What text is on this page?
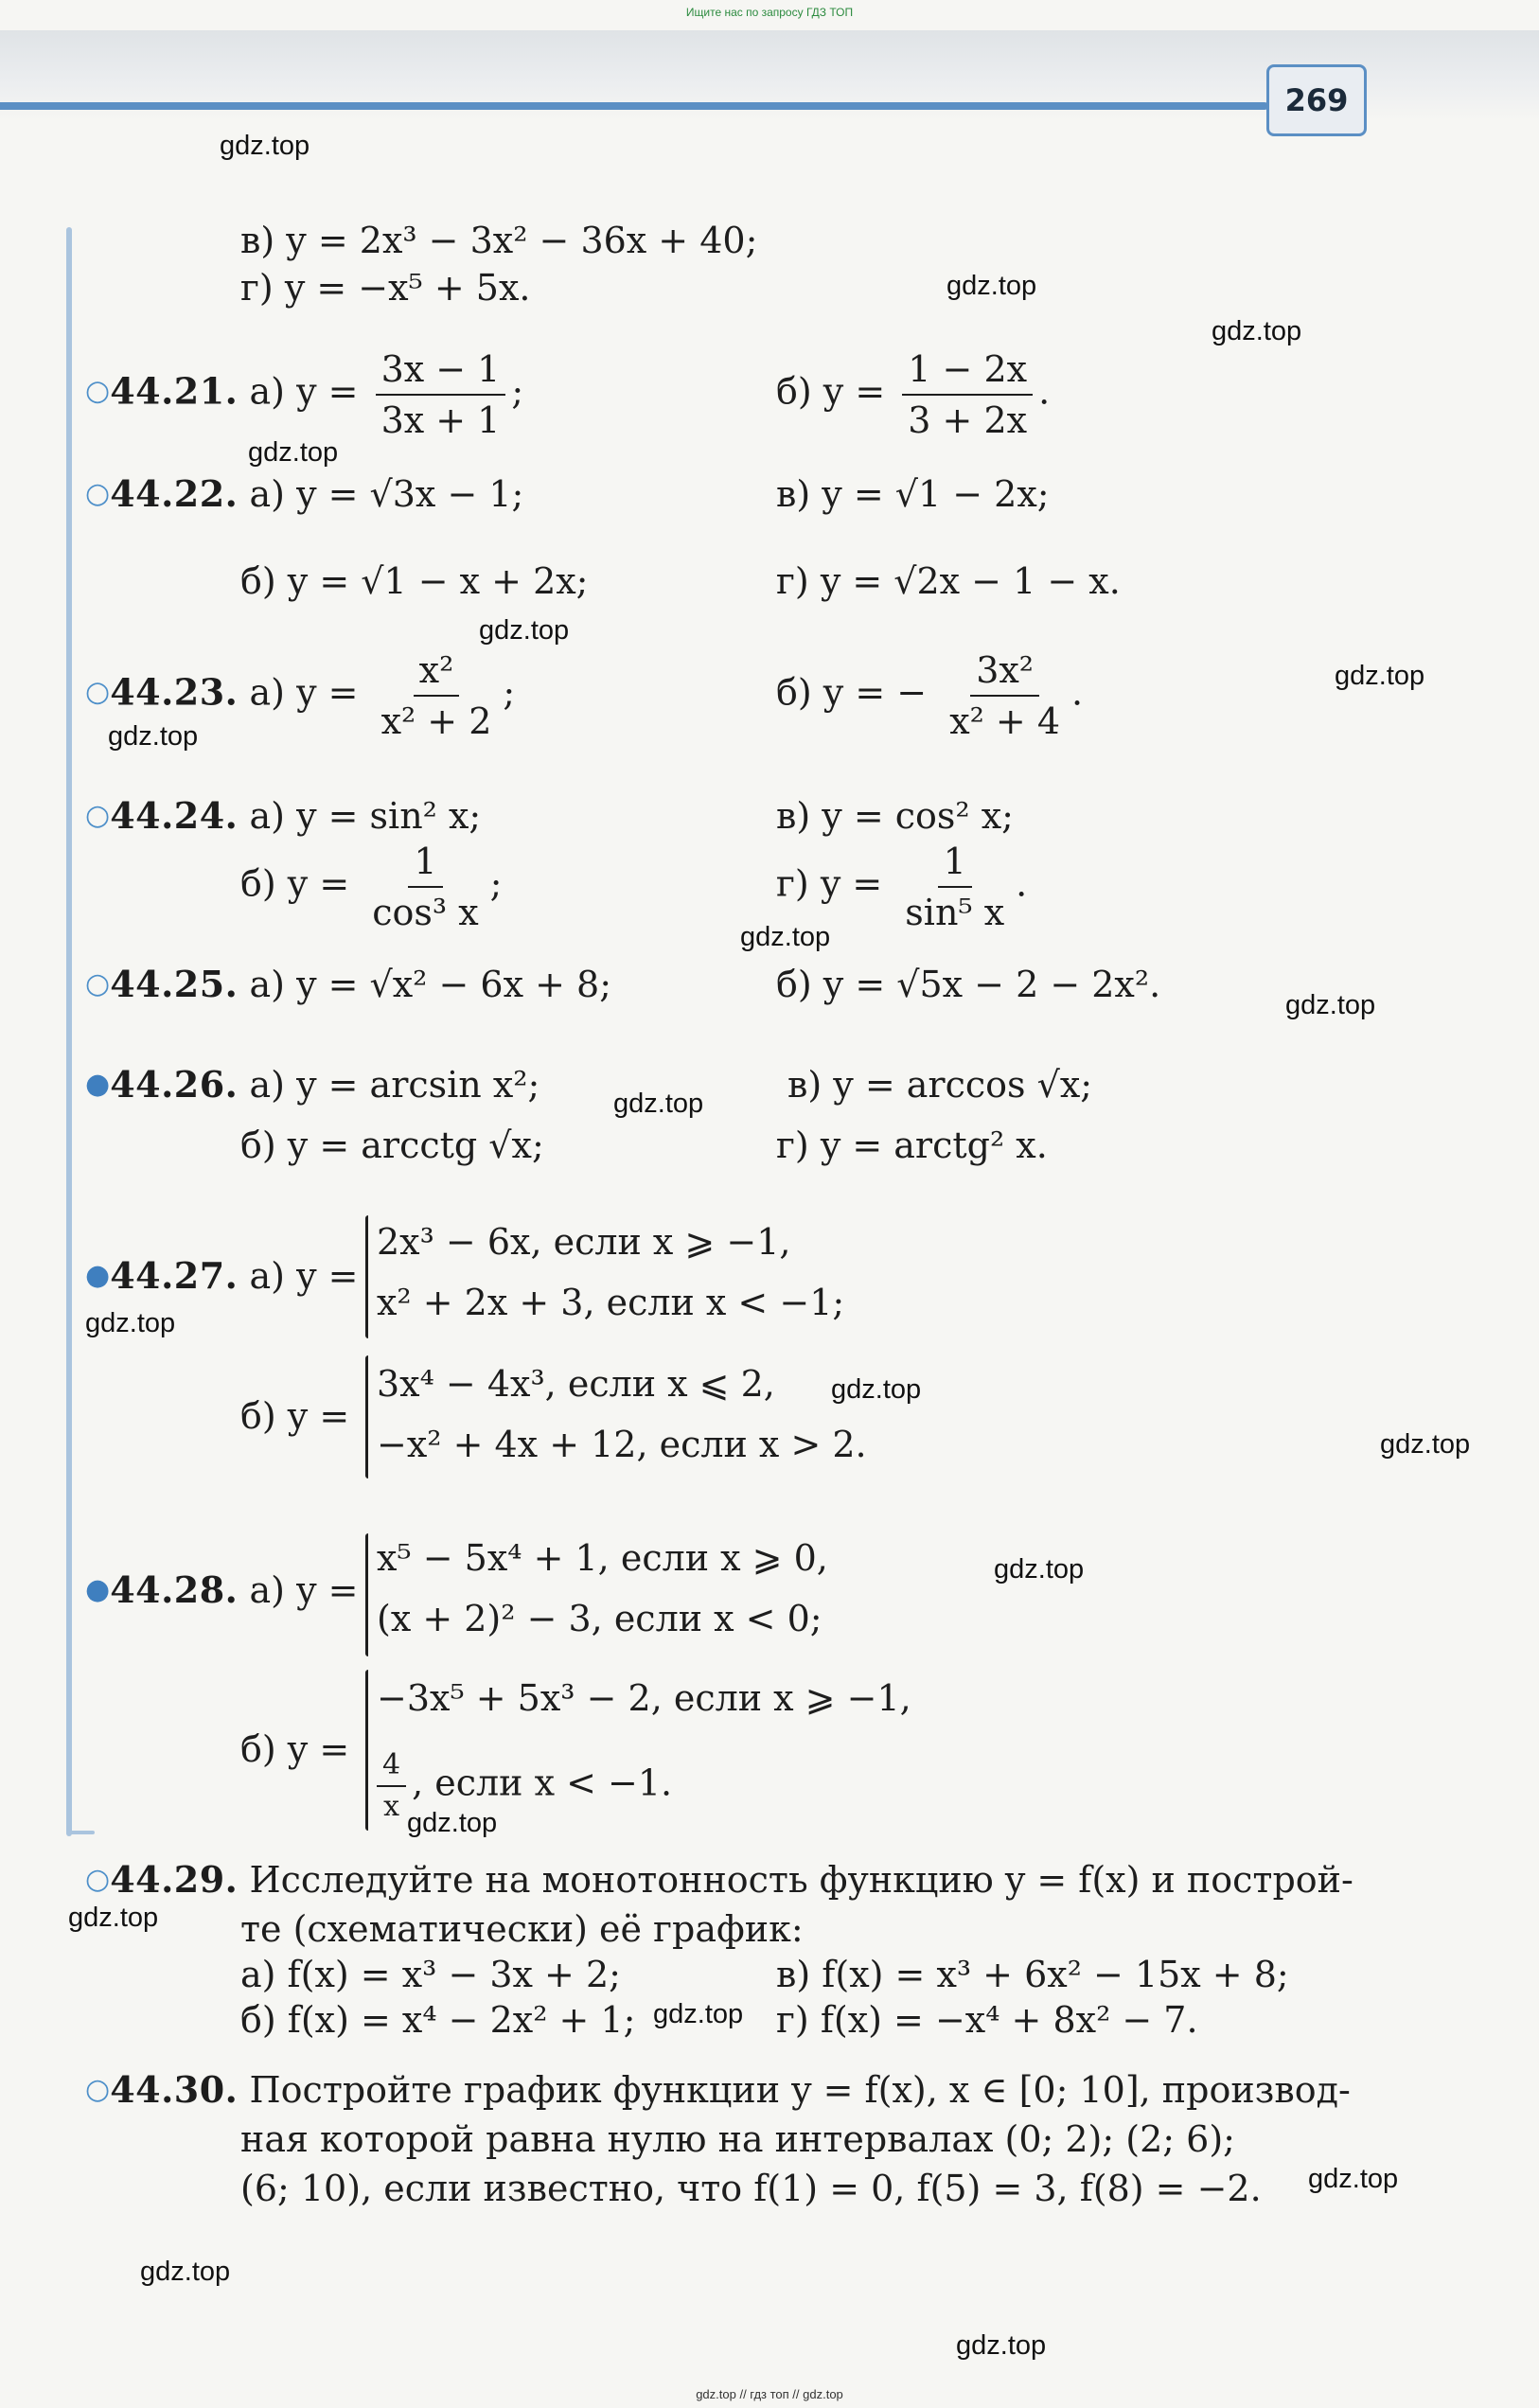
Ищите нас по запросу ГДЗ ТОП
269
gdz.top
gdz.top
gdz.top
gdz.top
gdz.top
gdz.top
gdz.top
gdz.top
gdz.top
gdz.top
gdz.top
gdz.top
gdz.top
gdz.top
gdz.top
gdz.top
gdz.top
gdz.top
gdz.top
gdz.top
в) y = 2x³ − 3x² − 36x + 40;
г) y = −x⁵ + 5x.
○44.21. а) $y = \frac{3x - 1}{3x + 1}$ ;	б) $y = \frac{1 - 2x}{3 + 2x}$ .
○44.22. а) y = √3x − 1;	в) y = √1 − 2x;
б) y = √1 − x + 2x;	г) y = √2x − 1 − x.
○44.23. а) $y = \frac{\text{x²}}{\text{x² + 2}}$ ;	б) y = − $\frac{\text{3x²}}{\text{x² + 4}}$ .
○44.24. а) y = sin² x;	в) y = cos² x;
б) $y = \frac{1}{\text{cos³ x}}$ ;	г) $y = \frac{1}{\text{sin⁵ x}}$ .
○44.25. а) y = √x² − 6x + 8;	б) y = √5x − 2 − 2x².
●44.26. а) y = arcsin x²;	в) y = arccos √x;
б) y = arcctg √x;	г) y = arctg² x.
●44.27. а) y =
2x³ − 6x, если x ⩾ −1,
x² + 2x + 3, если x < −1;
б) y =
3x⁴ − 4x³, если x ⩽ 2,
−x² + 4x + 12, если x > 2.
●44.28. а) y =
x⁵ − 5x⁴ + 1, если x ⩾ 0,
(x + 2)² − 3, если x < 0;
б) y =
−3x⁵ + 5x³ − 2, если x ⩾ −1,
$\frac{4}{x}$ , если x < −1.
○44.29. Исследуйте на монотонность функцию y = f(x) и построй-
те (схематически) её график:
а) f(x) = x³ − 3x + 2;	в) f(x) = x³ + 6x² − 15x + 8;
б) f(x) = x⁴ − 2x² + 1;	г) f(x) = −x⁴ + 8x² − 7.
○44.30. Постройте график функции y = f(x), x ∈ [0; 10], производ-
ная которой равна нулю на интервалах (0; 2); (2; 6);
(6; 10), если известно, что f(1) = 0, f(5) = 3, f(8) = −2.
gdz.top // гдз топ // gdz.top
